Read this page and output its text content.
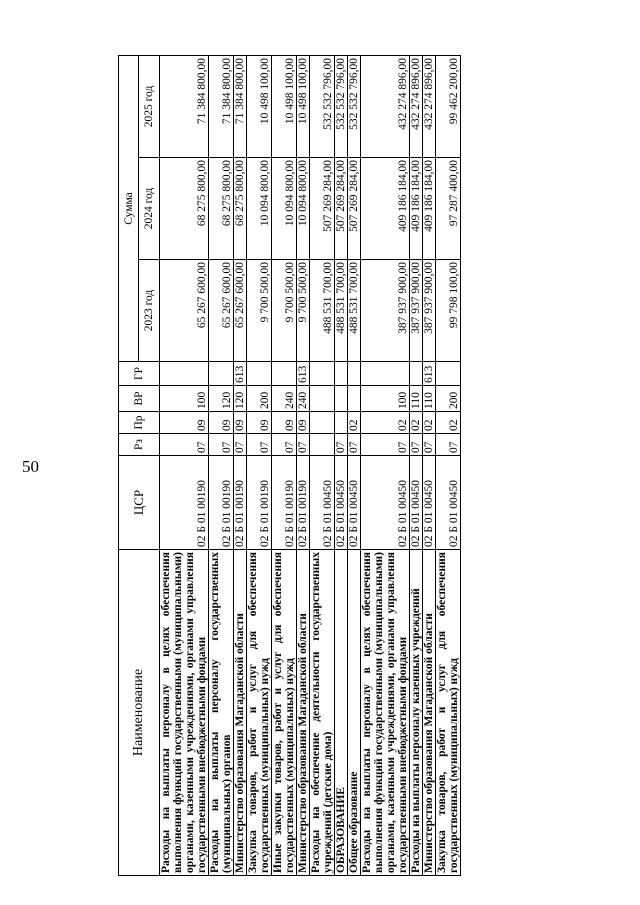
50
Наименование	ЦСР	Рз	Пр	ВР	ГР	Сумма		
						2023 год	2024 год	2025 год
Расходы на выплаты персоналу в целях обеспечения выполнения функций государственными (муниципальными) органами, казенными учреждениями, органами управления государственными внебюджетными фондами	02 Б 01 00190	07	09	100		65 267 600,00	68 275 800,00	71 384 800,00
Расходы на выплаты персоналу государственных (муниципальных) органов	02 Б 01 00190	07	09	120		65 267 600,00	68 275 800,00	71 384 800,00
Министерство образования Магаданской области	02 Б 01 00190	07	09	120	613	65 267 600,00	68 275 800,00	71 384 800,00
Закупка товаров, работ и услуг для обеспечения государственных (муниципальных) нужд	02 Б 01 00190	07	09	200		9 700 500,00	10 094 800,00	10 498 100,00
Иные закупки товаров, работ и услуг для обеспечения государственных (муниципальных) нужд	02 Б 01 00190	07	09	240		9 700 500,00	10 094 800,00	10 498 100,00
Министерство образования Магаданской области	02 Б 01 00190	07	09	240	613	9 700 500,00	10 094 800,00	10 498 100,00
Расходы на обеспечение деятельности государственных учреждений (детские дома)	02 Б 01 00450					488 531 700,00	507 269 284,00	532 532 796,00
ОБРАЗОВАНИЕ	02 Б 01 00450	07				488 531 700,00	507 269 284,00	532 532 796,00
Общее образование	02 Б 01 00450	07	02			488 531 700,00	507 269 284,00	532 532 796,00
Расходы на выплаты персоналу в целях обеспечения выполнения функций государственными (муниципальными) органами, казенными учреждениями, органами управления государственными внебюджетными фондами	02 Б 01 00450	07	02	100		387 937 900,00	409 186 184,00	432 274 896,00
Расходы на выплаты персоналу казенных учреждений	02 Б 01 00450	07	02	110		387 937 900,00	409 186 184,00	432 274 896,00
Министерство образования Магаданской области	02 Б 01 00450	07	02	110	613	387 937 900,00	409 186 184,00	432 274 896,00
Закупка товаров, работ и услуг для обеспечения государственных (муниципальных) нужд	02 Б 01 00450	07	02	200		99 798 100,00	97 287 400,00	99 462 200,00
